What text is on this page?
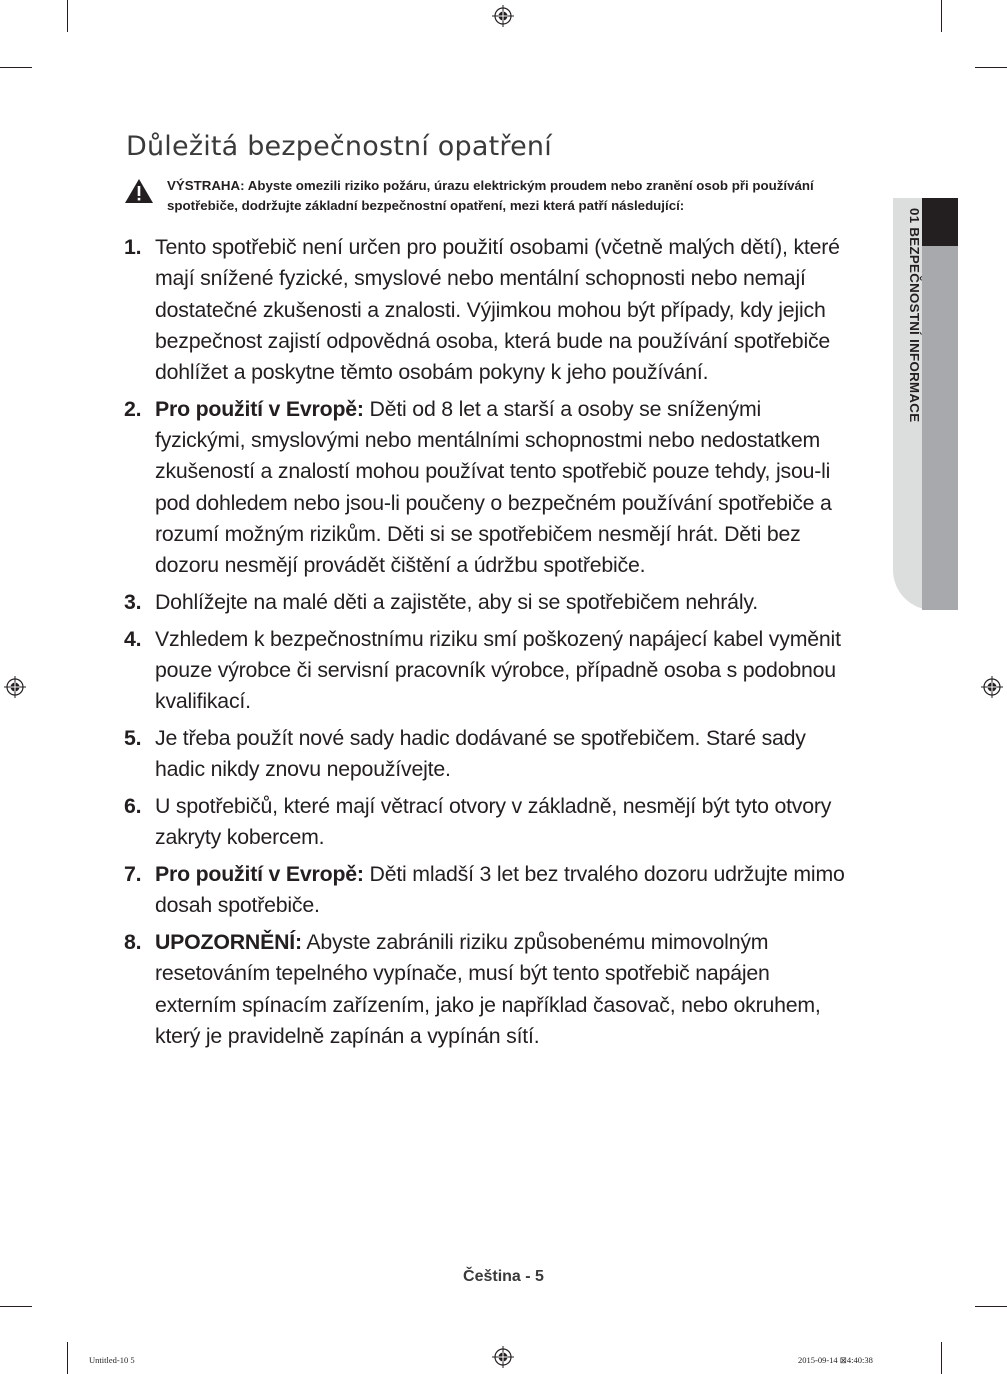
01 BEZPEČNOSTNÍ INFORMACE
Důležitá bezpečnostní opatření
VÝSTRAHA: Abyste omezili riziko požáru, úrazu elektrickým proudem nebo zranění osob při používání spotřebiče, dodržujte základní bezpečnostní opatření, mezi která patří následující:
1. Tento spotřebič není určen pro použití osobami (včetně malých dětí), které mají snížené fyzické, smyslové nebo mentální schopnosti nebo nemají dostatečné zkušenosti a znalosti. Výjimkou mohou být případy, kdy jejich bezpečnost zajistí odpovědná osoba, která bude na používání spotřebiče dohlížet a poskytne těmto osobám pokyny k jeho používání.
2. Pro použití v Evropě: Děti od 8 let a starší a osoby se sníženými fyzickými, smyslovými nebo mentálními schopnostmi nebo nedostatkem zkušeností a znalostí mohou používat tento spotřebič pouze tehdy, jsou-li pod dohledem nebo jsou-li poučeny o bezpečném používání spotřebiče a rozumí možným rizikům. Děti si se spotřebičem nesmějí hrát. Děti bez dozoru nesmějí provádět čištění a údržbu spotřebiče.
3. Dohlížejte na malé děti a zajistěte, aby si se spotřebičem nehrály.
4. Vzhledem k bezpečnostnímu riziku smí poškozený napájecí kabel vyměnit pouze výrobce či servisní pracovník výrobce, případně osoba s podobnou kvalifikací.
5. Je třeba použít nové sady hadic dodávané se spotřebičem. Staré sady hadic nikdy znovu nepoužívejte.
6. U spotřebičů, které mají větrací otvory v základně, nesmějí být tyto otvory zakryty kobercem.
7. Pro použití v Evropě: Děti mladší 3 let bez trvalého dozoru udržujte mimo dosah spotřebiče.
8. UPOZORNĚNÍ: Abyste zabránili riziku způsobenému mimovolným resetováním tepelného vypínače, musí být tento spotřebič napájen externím spínacím zařízením, jako je například časovač, nebo okruhem, který je pravidelně zapínán a vypínán sítí.
Čeština - 5
Untitled-10 5	2015-09-14 ⊠4:40:38
